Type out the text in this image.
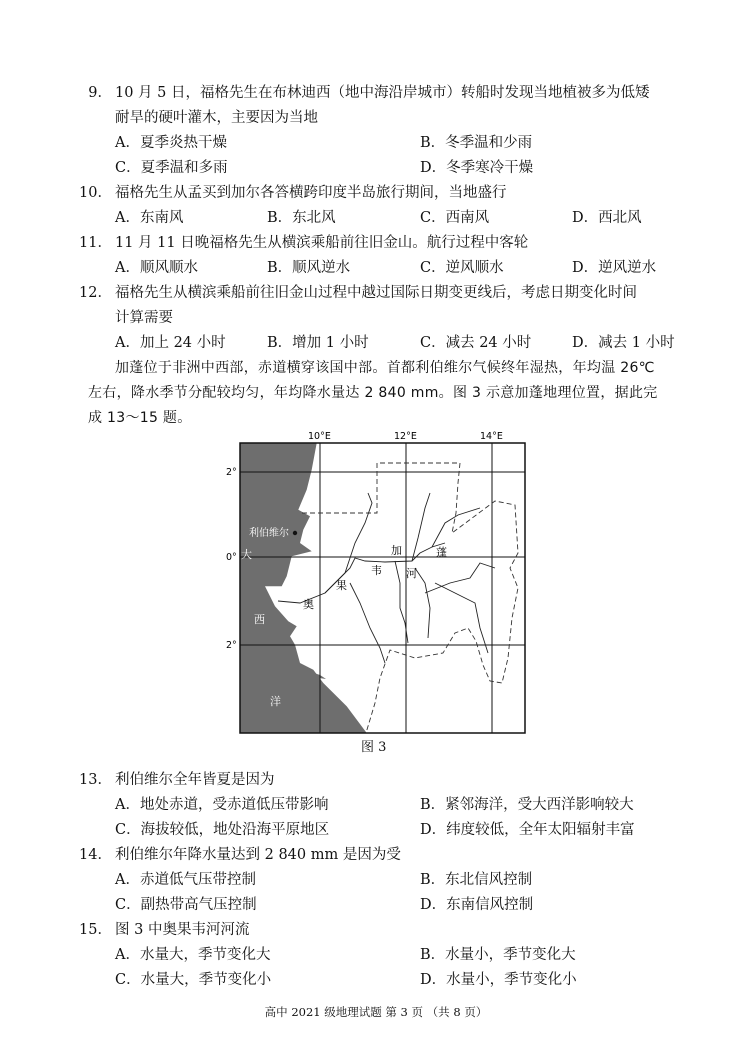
9． 10 月 5 日，福格先生在布林迪西（地中海沿岸城市）转船时发现当地植被多为低矮
耐旱的硬叶灌木，主要因为当地
A．夏季炎热干燥	B．冬季温和少雨
C．夏季温和多雨	D．冬季寒冷干燥
10． 福格先生从孟买到加尔各答横跨印度半岛旅行期间，当地盛行
A．东南风	B．东北风	C．西南风	D．西北风
11． 11 月 11 日晚福格先生从横滨乘船前往旧金山。航行过程中客轮
A．顺风顺水	B．顺风逆水	C．逆风顺水	D．逆风逆水
12． 福格先生从横滨乘船前往旧金山过程中越过国际日期变更线后，考虑日期变化时间
计算需要
A．加上 24 小时	B．增加 1 小时	C．减去 24 小时	D．减去 1 小时
加蓬位于非洲中西部，赤道横穿该国中部。首都利伯维尔气候终年湿热，年均温 26℃
左右，降水季节分配较均匀，年均降水量达 2 840 mm。图 3 示意加蓬地理位置，据此完
成 13～15 题。
利伯维尔
大
西
洋
加	蓬
奥
果
韦 河
10°E	12°E	14°E
2°
0°
2°
图 3
13． 利伯维尔全年皆夏是因为
A．地处赤道，受赤道低压带影响	B．紧邻海洋，受大西洋影响较大
C．海拔较低，地处沿海平原地区	D．纬度较低，全年太阳辐射丰富
14． 利伯维尔年降水量达到 2 840 mm 是因为受
A．赤道低气压带控制	B．东北信风控制
C．副热带高气压控制	D．东南信风控制
15． 图 3 中奥果韦河河流
A．水量大，季节变化大	B．水量小，季节变化大
C．水量大，季节变化小	D．水量小，季节变化小
高中 2021 级地理试题 第 3 页 （共 8 页）
